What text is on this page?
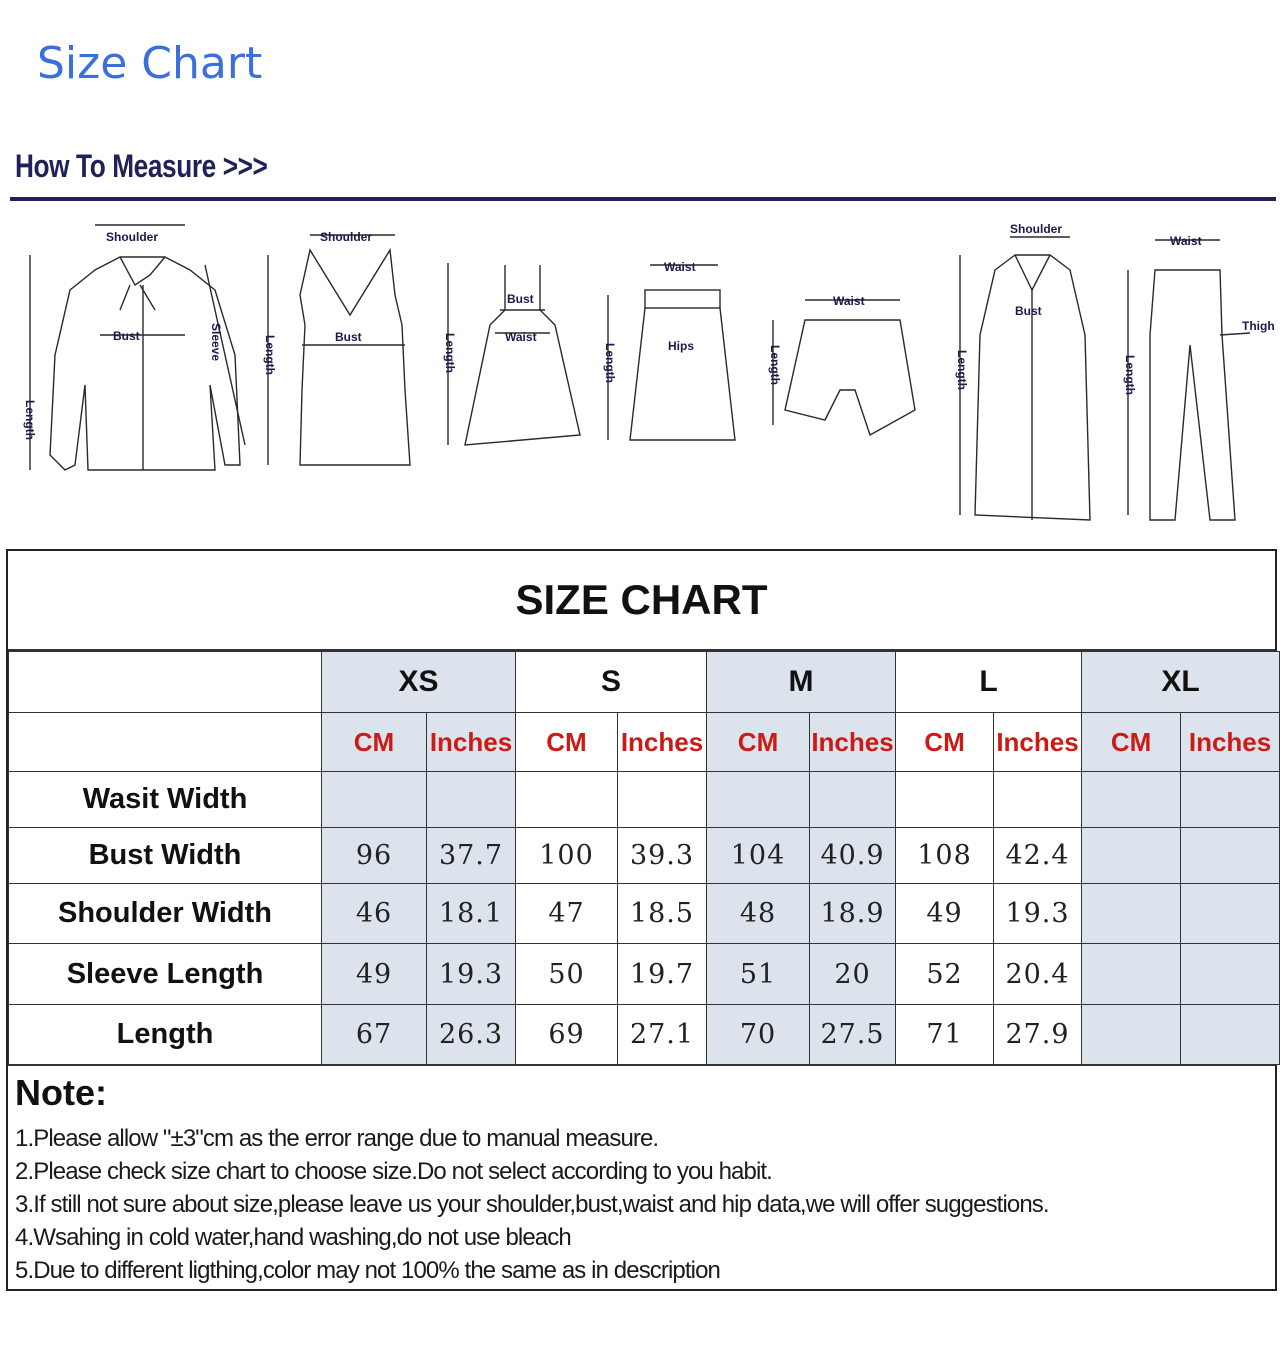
Size Chart
How To Measure >>>
Shoulder
Bust
Length
Sleeve
Shoulder
Bust
Length
Bust
Waist
Length
Waist
Hips
Length
Waist
Length
Shoulder
Bust
Length
Waist
Thigh
Length
SIZE CHART
	XS		S		M		L		XL	
	CM	Inches	CM	Inches	CM	Inches	CM	Inches	CM	Inches
Wasit Width										
Bust Width	96	37.7	100	39.3	104	40.9	108	42.4		
Shoulder Width	46	18.1	47	18.5	48	18.9	49	19.3		
Sleeve Length	49	19.3	50	19.7	51	20	52	20.4		
Length	67	26.3	69	27.1	70	27.5	71	27.9		
Note:
1.Please allow "±3"cm as the error range due to manual measure.
2.Please check size chart to choose size.Do not select according to you habit.
3.If still not sure about size,please leave us your shoulder,bust,waist and hip data,we will offer suggestions.
4.Wsahing in cold water,hand washing,do not use bleach
5.Due to different ligthing,color may not 100% the same as in description
